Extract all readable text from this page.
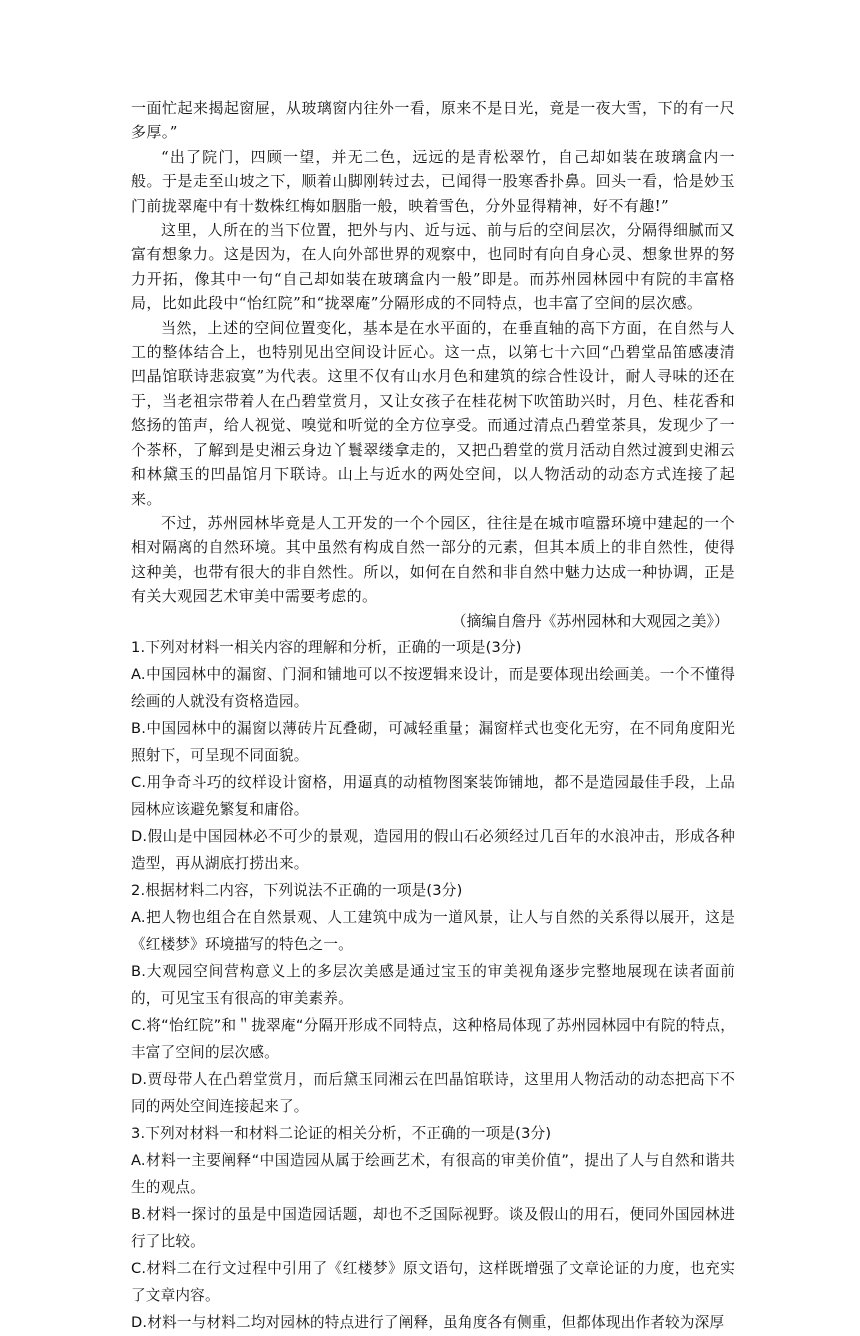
一面忙起来揭起窗屉，从玻璃窗内往外一看，原来不是日光，竟是一夜大雪，下的有一尺多厚。”

“出了院门，四顾一望，并无二色，远远的是青松翠竹，自己却如装在玻璃盒内一般。于是走至山坡之下，顺着山脚刚转过去，已闻得一股寒香扑鼻。回头一看，恰是妙玉门前拢翠庵中有十数株红梅如胭脂一般，映着雪色，分外显得精神，好不有趣!”

这里，人所在的当下位置，把外与内、近与远、前与后的空间层次，分隔得细腻而又富有想象力。这是因为，在人向外部世界的观察中，也同时有向自身心灵、想象世界的努力开拓，像其中一句“自己却如装在玻璃盒内一般”即是。而苏州园林园中有院的丰富格局，比如此段中“怡红院”和“拢翠庵”分隔形成的不同特点，也丰富了空间的层次感。

当然，上述的空间位置变化，基本是在水平面的，在垂直轴的高下方面，在自然与人工的整体结合上，也特别见出空间设计匠心。这一点，以第七十六回“凸碧堂品笛感凄清凹晶馆联诗悲寂寞”为代表。这里不仅有山水月色和建筑的综合性设计，耐人寻味的还在于，当老祖宗带着人在凸碧堂赏月，又让女孩子在桂花树下吹笛助兴时，月色、桂花香和悠扬的笛声，给人视觉、嗅觉和听觉的全方位享受。而通过清点凸碧堂茶具，发现少了一个茶杯，了解到是史湘云身边丫鬟翠缕拿走的，又把凸碧堂的赏月活动自然过渡到史湘云和林黛玉的凹晶馆月下联诗。山上与近水的两处空间，以人物活动的动态方式连接了起来。

不过，苏州园林毕竟是人工开发的一个个园区，往往是在城市喧嚣环境中建起的一个相对隔离的自然环境。其中虽然有构成自然一部分的元素，但其本质上的非自然性，使得这种美，也带有很大的非自然性。所以，如何在自然和非自然中魅力达成一种协调，正是有关大观园艺术审美中需要考虑的。

（摘编自詹丹《苏州园林和大观园之美》）

1.下列对材料一相关内容的理解和分析，正确的一项是(3分)

A.中国园林中的漏窗、门洞和铺地可以不按逻辑来设计，而是要体现出绘画美。一个不懂得绘画的人就没有资格造园。

B.中国园林中的漏窗以薄砖片瓦叠砌，可减轻重量；漏窗样式也变化无穷，在不同角度阳光照射下，可呈现不同面貌。

C.用争奇斗巧的纹样设计窗格，用逼真的动植物图案装饰铺地，都不是造园最佳手段，上品园林应该避免繁复和庸俗。

D.假山是中国园林必不可少的景观，造园用的假山石必须经过几百年的水浪冲击，形成各种造型，再从湖底打捞出来。

2.根据材料二内容，下列说法不正确的一项是(3分)

A.把人物也组合在自然景观、人工建筑中成为一道风景，让人与自然的关系得以展开，这是《红楼梦》环境描写的特色之一。

B.大观园空间营构意义上的多层次美感是通过宝玉的审美视角逐步完整地展现在读者面前的，可见宝玉有很高的审美素养。

C.将“怡红院”和＂拢翠庵“分隔开形成不同特点，这种格局体现了苏州园林园中有院的特点，丰富了空间的层次感。

D.贾母带人在凸碧堂赏月，而后黛玉同湘云在凹晶馆联诗，这里用人物活动的动态把高下不同的两处空间连接起来了。

3.下列对材料一和材料二论证的相关分析，不正确的一项是(3分)

A.材料一主要阐释“中国造园从属于绘画艺术，有很高的审美价值”，提出了人与自然和谐共生的观点。

B.材料一探讨的虽是中国造园话题，却也不乏国际视野。谈及假山的用石，便同外国园林进行了比较。

C.材料二在行文过程中引用了《红楼梦》原文语句，这样既增强了文章论证的力度，也充实了文章内容。

D.材料一与材料二均对园林的特点进行了阐释，虽角度各有侧重，但都体现出作者较为深厚
